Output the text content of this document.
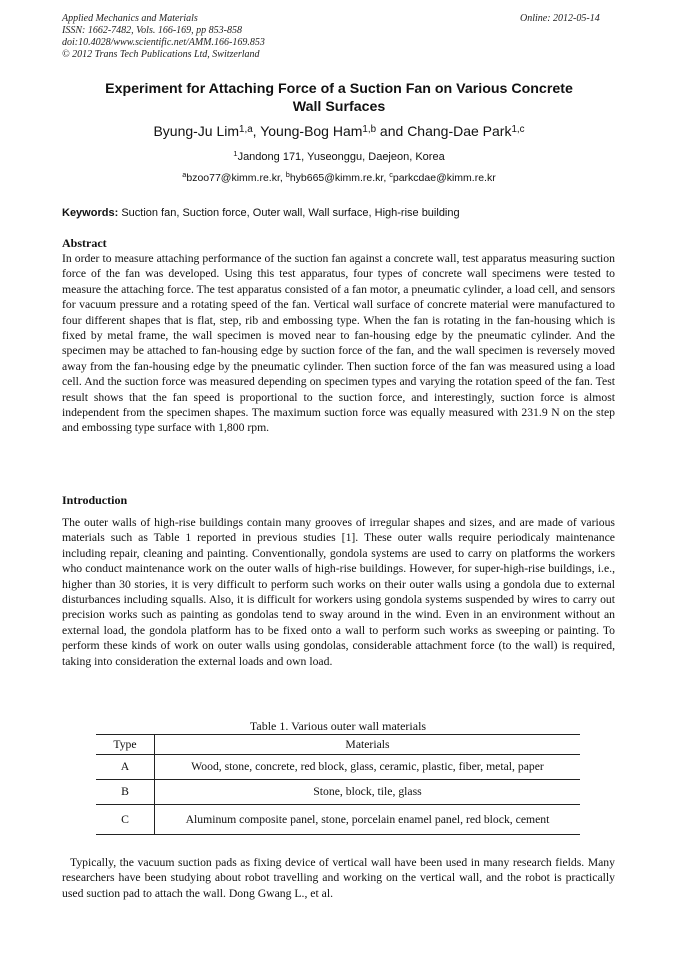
Applied Mechanics and Materials
ISSN: 1662-7482, Vols. 166-169, pp 853-858
doi:10.4028/www.scientific.net/AMM.166-169.853
© 2012 Trans Tech Publications Ltd, Switzerland
Online: 2012-05-14
Experiment for Attaching Force of a Suction Fan on Various Concrete
Wall Surfaces
Byung-Ju Lim$^{1,a}$, Young-Bog Ham$^{1,b}$ and Chang-Dae Park$^{1,c}$
$^1$Jandong 171, Yuseonggu, Daejeon, Korea
$^a$bzoo77@kimm.re.kr, $^b$hyb665@kimm.re.kr, $^c$parkcdae@kimm.re.kr
Keywords: Suction fan, Suction force, Outer wall, Wall surface, High-rise building
Abstract
In order to measure attaching performance of the suction fan against a concrete wall, test apparatus measuring suction force of the fan was developed. Using this test apparatus, four types of concrete wall specimens were tested to measure the attaching force. The test apparatus consisted of a fan motor, a pneumatic cylinder, a load cell, and sensors for vacuum pressure and a rotating speed of the fan. Vertical wall surface of concrete material were manufactured to four different shapes that is flat, step, rib and embossing type. When the fan is rotating in the fan-housing which is fixed by metal frame, the wall specimen is moved near to fan-housing edge by the pneumatic cylinder. And the specimen may be attached to fan-housing edge by suction force of the fan, and the wall specimen is reversely moved away from the fan-housing edge by the pneumatic cylinder. Then suction force of the fan was measured using a load cell. And the suction force was measured depending on specimen types and varying the rotation speed of the fan. Test result shows that the fan speed is proportional to the suction force, and interestingly, suction force is almost independent from the specimen shapes. The maximum suction force was equally measured with 231.9 N on the step and embossing type surface with 1,800 rpm.
Introduction
The outer walls of high-rise buildings contain many grooves of irregular shapes and sizes, and are made of various materials such as Table 1 reported in previous studies [1]. These outer walls require periodicaly maintenance including repair, cleaning and painting. Conventionally, gondola systems are used to carry on platforms the workers who conduct maintenance work on the outer walls of high-rise buildings. However, for super-high-rise buildings, i.e., higher than 30 stories, it is very difficult to perform such works on their outer walls using a gondola due to external disturbances including squalls. Also, it is difficult for workers using gondola systems suspended by wires to carry out precision works such as painting as gondolas tend to sway around in the wind. Even in an environment without an external load, the gondola platform has to be fixed onto a wall to perform such works as sweeping or painting. To perform these kinds of work on outer walls using gondolas, considerable attachment force (to the wall) is required, taking into consideration the external loads and own load.
Table 1. Various outer wall materials
Type	Materials
A	Wood, stone, concrete, red block, glass, ceramic, plastic, fiber, metal, paper
B	Stone, block, tile, glass
C	Aluminum composite panel, stone, porcelain enamel panel, red block, cement
Typically, the vacuum suction pads as fixing device of vertical wall have been used in many research fields. Many researchers have been studying about robot travelling and working on the vertical wall, and the robot is practically used suction pad to attach the wall. Dong Gwang L., et al.
